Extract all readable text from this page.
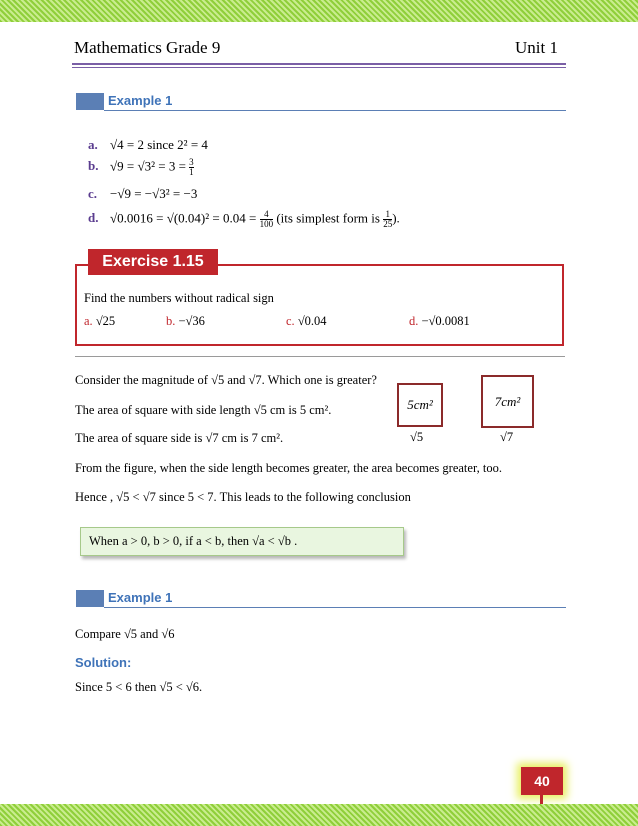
Mathematics Grade 9	Unit 1
Example 1
a. √4 = 2 since 2² = 4
b. $√9 = √3^2 = 3 = \frac{3}{1}$
c. −√9 = −√3² = −3
d. $√0.0016 = √(0.04)^2 = 0.04 = \frac{4}{100} (its$ simplest form is $\frac{1}{25}$ ).
Exercise 1.15
Find the numbers without radical sign
a. √25	b. −√36	c. √0.04	d. −√0.0081
Consider the magnitude of √5 and √7. Which one is greater?
The area of square with side length √5 cm is 5 cm².
The area of square side is √7 cm is 7 cm².
From the figure, when the side length becomes greater, the area becomes greater, too.
Hence , √5 < √7 since 5 < 7. This leads to the following conclusion
5cm²
√5
7cm²
√7
When a > 0, b > 0, if a < b, then √a < √b .
Example 1
Compare √5 and √6
Solution:
Since 5 < 6 then √5 < √6.
40
